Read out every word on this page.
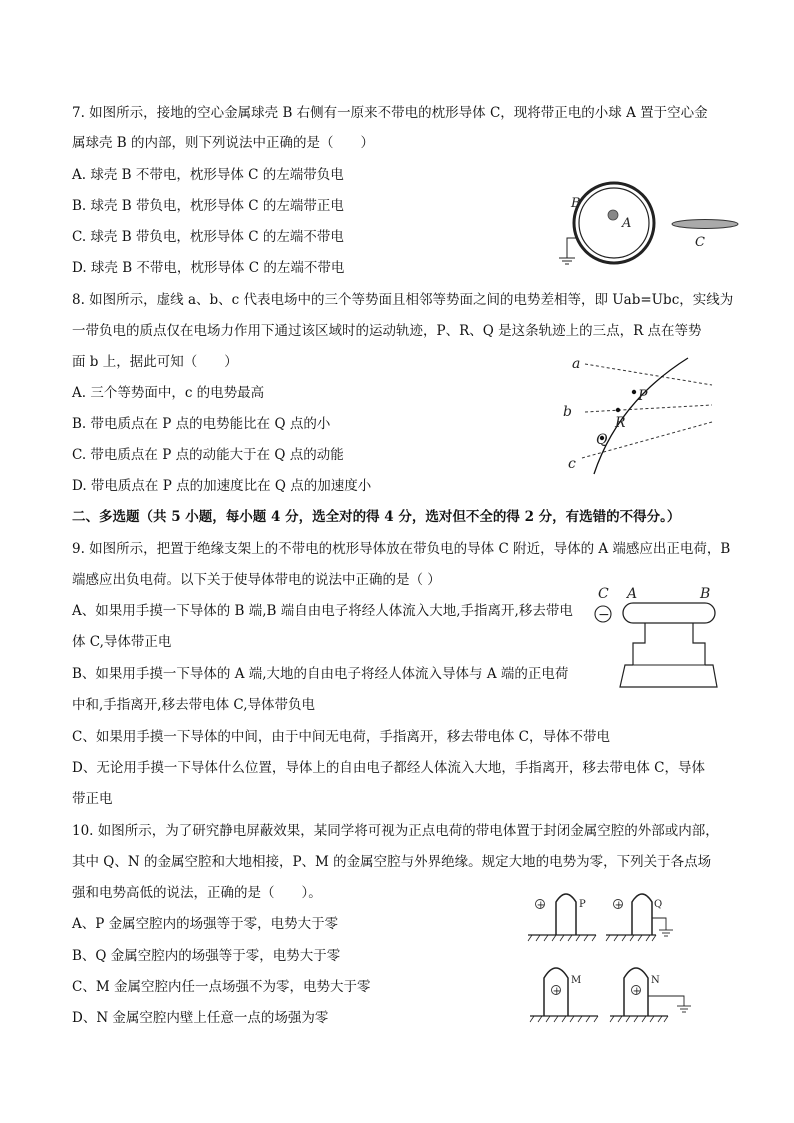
7. 如图所示，接地的空心金属球壳 B 右侧有一原来不带电的枕形导体 C，现将带正电的小球 A 置于空心金
属球壳 B 的内部，则下列说法中正确的是（　　）
A. 球壳 B 不带电，枕形导体 C 的左端带负电
B. 球壳 B 带负电，枕形导体 C 的左端带正电
C. 球壳 B 带负电，枕形导体 C 的左端不带电
D. 球壳 B 不带电，枕形导体 C 的左端不带电
B
A
C
8. 如图所示，虚线 a、b、c 代表电场中的三个等势面且相邻等势面之间的电势差相等，即 Uab=Ubc，实线为
一带负电的质点仅在电场力作用下通过该区域时的运动轨迹，P、R、Q 是这条轨迹上的三点，R 点在等势
面 b 上，据此可知（　　）
A. 三个等势面中，c 的电势最高
B. 带电质点在 P 点的电势能比在 Q 点的小
C. 带电质点在 P 点的动能大于在 Q 点的动能
D. 带电质点在 P 点的加速度比在 Q 点的加速度小
a
b
c
P
R
Q
二、多选题（共 5 小题，每小题 4 分，选全对的得 4 分，选对但不全的得 2 分，有选错的不得分。）
9. 如图所示，把置于绝缘支架上的不带电的枕形导体放在带负电的导体 C 附近，导体的 A 端感应出正电荷，B
端感应出负电荷。以下关于使导体带电的说法中正确的是（ ）
A、如果用手摸一下导体的 B 端,B 端自由电子将经人体流入大地,手指离开,移去带电
体 C,导体带正电
B、如果用手摸一下导体的 A 端,大地的自由电子将经人体流入导体与 A 端的正电荷
中和,手指离开,移去带电体 C,导体带负电
C、如果用手摸一下导体的中间，由于中间无电荷，手指离开，移去带电体 C，导体不带电
D、无论用手摸一下导体什么位置，导体上的自由电子都经人体流入大地，手指离开，移去带电体 C，导体
带正电
−
C A	B
10. 如图所示，为了研究静电屏蔽效果，某同学将可视为正点电荷的带电体置于封闭金属空腔的外部或内部，
其中 Q、N 的金属空腔和大地相接，P、M 的金属空腔与外界绝缘。规定大地的电势为零，下列关于各点场
强和电势高低的说法，正确的是（　　）。
A、P 金属空腔内的场强等于零，电势大于零
B、Q 金属空腔内的场强等于零，电势大于零
C、M 金属空腔内任一点场强不为零，电势大于零
D、N 金属空腔内壁上任意一点的场强为零
+	P	+	Q
+
M
+
N
